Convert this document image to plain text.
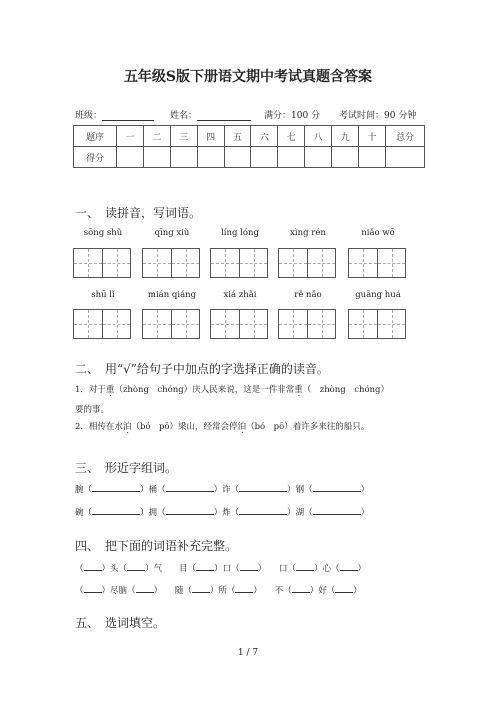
五年级S版下册语文期中考试真题含答案
班级：	姓名：	满分：100 分 考试时间：90 分钟
题序	一	二	三	四	五	六	七	八	九	十	总分
得分											
一、　读拼音，写词语。
sōng shǔ	qīng xiù	líng lóng	xìng rén	niǎo wō
shū lǐ	mián qiáng	xiá zhǎi	rě nǎo	guāng huá
二、　用“√”给句子中加点的字选择正确的读音。
1．对于重（zhòng　chóng）庆人民来说，这是一件非常重（　zhòng　chóng）
要的事。
2．相传在水泊（bó　pō）梁山，经常会停泊（bó　pō）着许多来往的船只。
三、　形近字组词。
腕（	）桶（	）诈（	）钢（	）
碗（	）拥（	）炸（	）湖（	）
四、　把下面的词语补充完整。
（ ）头（ ）气　　 目（ ）口（ ）　　口（ ）心（ ）
（ ）尽脑（ ）　　随（ ）所（ ）　　不（ ）好（ ）
五、　选词填空。
1 / 7
